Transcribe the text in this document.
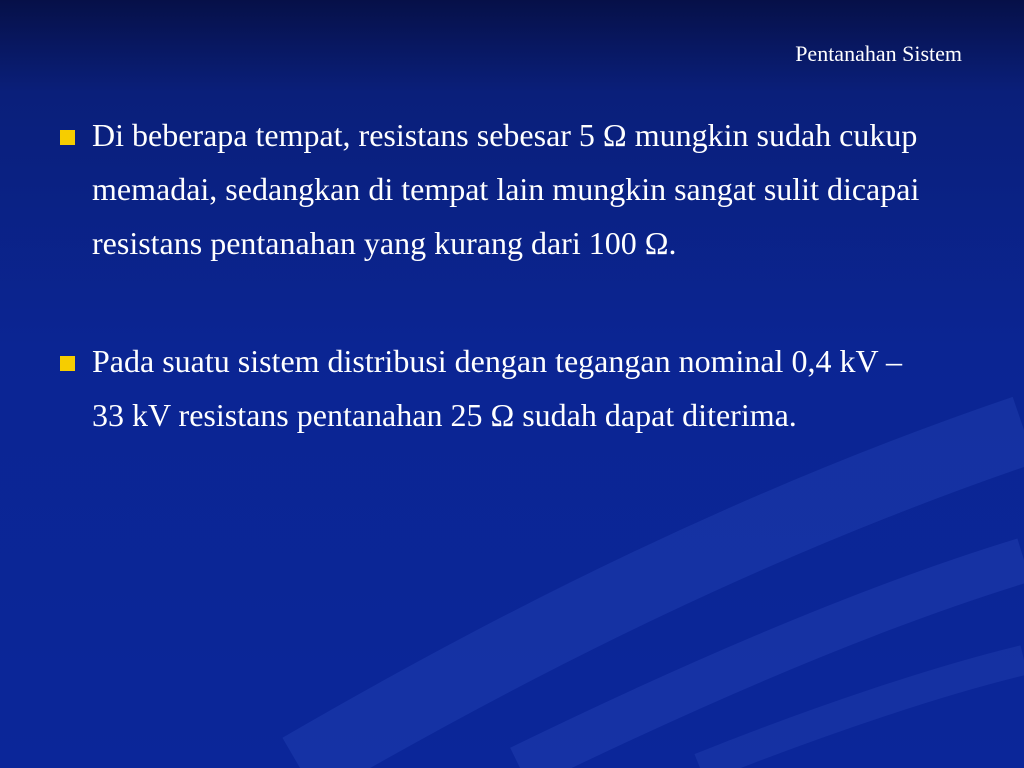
Pentanahan Sistem
Di beberapa tempat, resistans sebesar 5 Ω mungkin sudah cukup memadai, sedangkan di tempat lain mungkin sangat sulit dicapai resistans pentanahan yang kurang dari 100 Ω.
Pada suatu sistem distribusi dengan tegangan nominal 0,4 kV – 33 kV resistans pentanahan 25 Ω sudah dapat diterima.
